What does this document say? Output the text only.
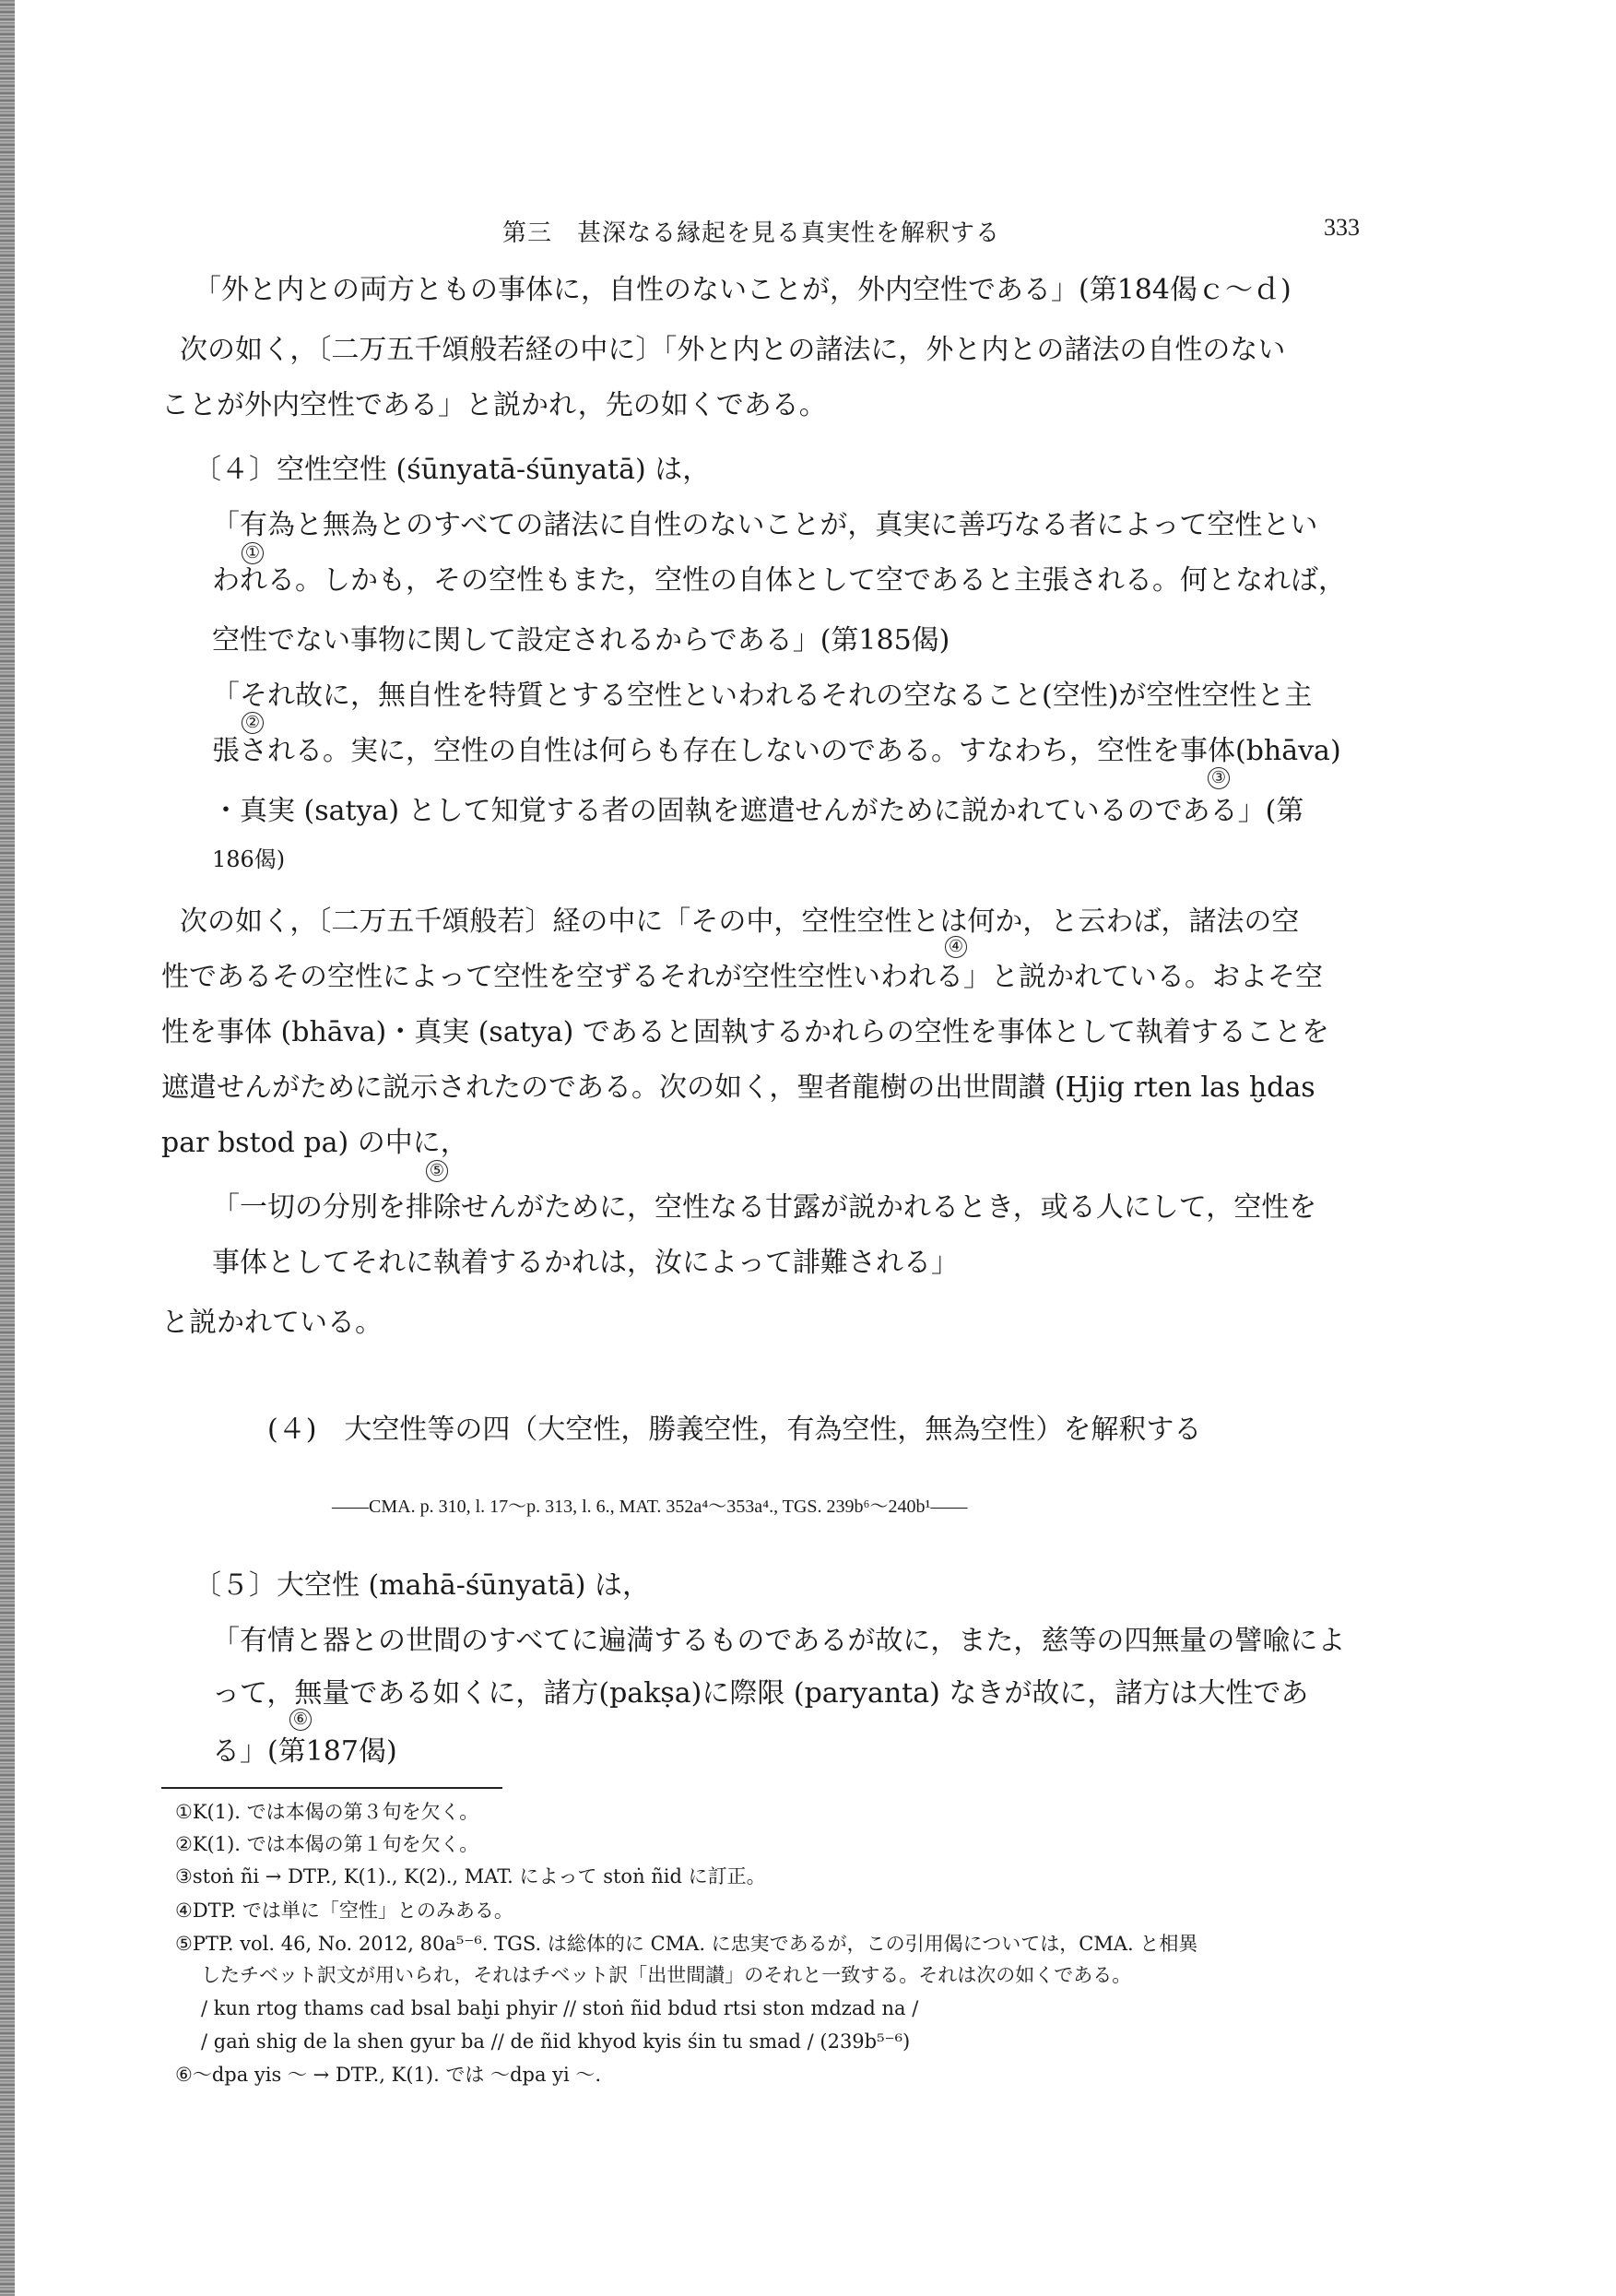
第三　甚深なる縁起を見る真実性を解釈する	333
「外と内との両方ともの事体に，自性のないことが，外内空性である」(第184偈ｃ～ｄ)
次の如く，〔二万五千頌般若経の中に〕「外と内との諸法に，外と内との諸法の自性のない
ことが外内空性である」と説かれ，先の如くである。
〔４〕空性空性 (śūnyatā-śūnyatā) は，
「有為と無為とのすべての諸法に自性のないことが，真実に善巧なる者によって空性とい
①
われる。しかも，その空性もまた，空性の自体として空であると主張される。何となれば，
空性でない事物に関して設定されるからである」(第185偈)
「それ故に，無自性を特質とする空性といわれるそれの空なること(空性)が空性空性と主
②
張される。実に，空性の自性は何らも存在しないのである。すなわち，空性を事体(bhāva)
③
・真実 (satya) として知覚する者の固執を遮遣せんがために説かれているのである」(第
186偈)
次の如く，〔二万五千頌般若〕経の中に「その中，空性空性とは何か，と云わば，諸法の空
④
性であるその空性によって空性を空ずるそれが空性空性いわれる」と説かれている。およそ空
性を事体 (bhāva)・真実 (satya) であると固執するかれらの空性を事体として執着することを
遮遣せんがために説示されたのである。次の如く，聖者龍樹の出世間讃 (Ḫjig rten las ḫdas
par bstod pa) の中に，
⑤
「一切の分別を排除せんがために，空性なる甘露が説かれるとき，或る人にして，空性を
事体としてそれに執着するかれは，汝によって誹難される」
と説かれている。
(４)　大空性等の四（大空性，勝義空性，有為空性，無為空性）を解釈する
——CMA. p. 310, l. 17～p. 313, l. 6., MAT. 352a⁴～353a⁴., TGS. 239b⁶～240b¹——
〔５〕大空性 (mahā-śūnyatā) は，
「有情と器との世間のすべてに遍満するものであるが故に，また，慈等の四無量の譬喩によ
って，無量である如くに，諸方(pakṣa)に際限 (paryanta) なきが故に，諸方は大性であ
⑥
る」(第187偈)
①K(1). では本偈の第３句を欠く。
②K(1). では本偈の第１句を欠く。
③stoṅ ñi → DTP., K(1)., K(2)., MAT. によって stoṅ ñid に訂正。
④DTP. では単に「空性」とのみある。
⑤PTP. vol. 46, No. 2012, 80a⁵⁻⁶. TGS. は総体的に CMA. に忠実であるが，この引用偈については，CMA. と相異
したチベット訳文が用いられ，それはチベット訳「出世間讃」のそれと一致する。それは次の如くである。
/ kun rtog thams cad bsal baḫi phyir // stoṅ ñid bdud rtsi ston mdzad na /
/ gaṅ shig de la shen gyur ba // de ñid khyod kyis śin tu smad / (239b⁵⁻⁶)
⑥～dpa yis ～ → DTP., K(1). では ～dpa yi ～.
